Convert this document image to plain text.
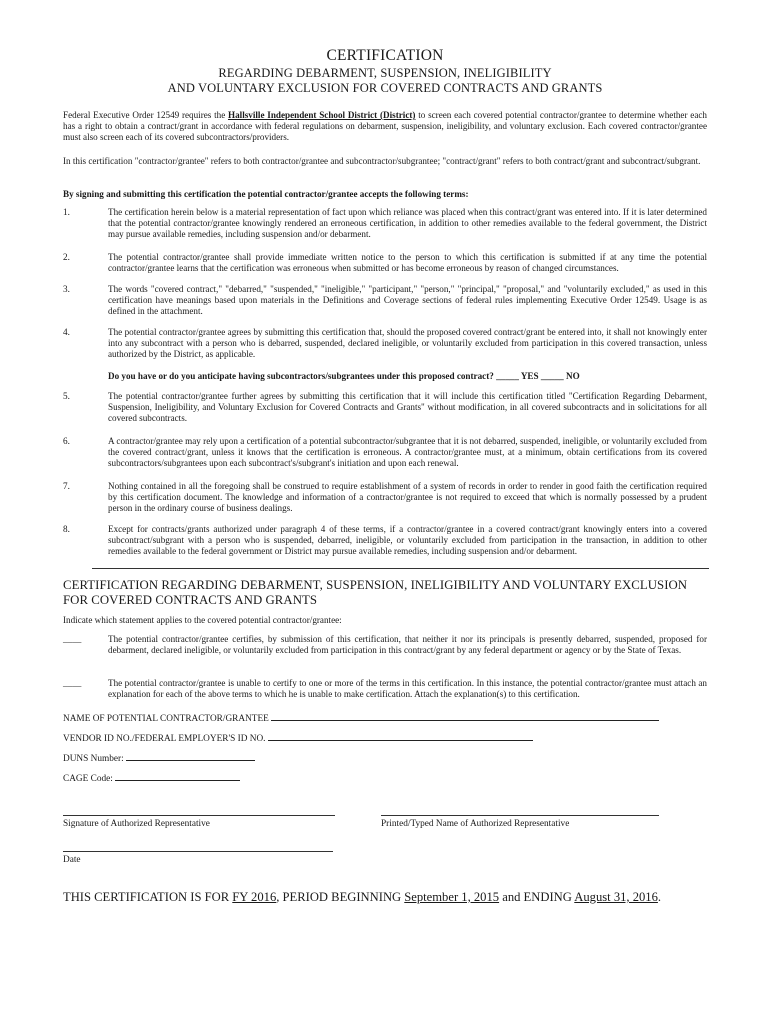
CERTIFICATION
REGARDING DEBARMENT, SUSPENSION, INELIGIBILITY
AND VOLUNTARY EXCLUSION FOR COVERED CONTRACTS AND GRANTS
Federal Executive Order 12549 requires the Hallsville Independent School District (District) to screen each covered potential contractor/grantee to determine whether each has a right to obtain a contract/grant in accordance with federal regulations on debarment, suspension, ineligibility, and voluntary exclusion. Each covered contractor/grantee must also screen each of its covered subcontractors/providers.
In this certification "contractor/grantee" refers to both contractor/grantee and subcontractor/subgrantee; "contract/grant" refers to both contract/grant and subcontract/subgrant.
By signing and submitting this certification the potential contractor/grantee accepts the following terms:
1.	The certification herein below is a material representation of fact upon which reliance was placed when this contract/grant was entered into. If it is later determined that the potential contractor/grantee knowingly rendered an erroneous certification, in addition to other remedies available to the federal government, the District may pursue available remedies, including suspension and/or debarment.
2.	The potential contractor/grantee shall provide immediate written notice to the person to which this certification is submitted if at any time the potential contractor/grantee learns that the certification was erroneous when submitted or has become erroneous by reason of changed circumstances.
3.	The words "covered contract," "debarred," "suspended," "ineligible," "participant," "person," "principal," "proposal," and "voluntarily excluded," as used in this certification have meanings based upon materials in the Definitions and Coverage sections of federal rules implementing Executive Order 12549. Usage is as defined in the attachment.
4.	The potential contractor/grantee agrees by submitting this certification that, should the proposed covered contract/grant be entered into, it shall not knowingly enter into any subcontract with a person who is debarred, suspended, declared ineligible, or voluntarily excluded from participation in this covered transaction, unless authorized by the District, as applicable.
Do you have or do you anticipate having subcontractors/subgrantees under this proposed contract? _____ YES _____ NO
5.	The potential contractor/grantee further agrees by submitting this certification that it will include this certification titled "Certification Regarding Debarment, Suspension, Ineligibility, and Voluntary Exclusion for Covered Contracts and Grants" without modification, in all covered subcontracts and in solicitations for all covered subcontracts.
6.	A contractor/grantee may rely upon a certification of a potential subcontractor/subgrantee that it is not debarred, suspended, ineligible, or voluntarily excluded from the covered contract/grant, unless it knows that the certification is erroneous. A contractor/grantee must, at a minimum, obtain certifications from its covered subcontractors/subgrantees upon each subcontract's/subgrant's initiation and upon each renewal.
7.	Nothing contained in all the foregoing shall be construed to require establishment of a system of records in order to render in good faith the certification required by this certification document. The knowledge and information of a contractor/grantee is not required to exceed that which is normally possessed by a prudent person in the ordinary course of business dealings.
8.	Except for contracts/grants authorized under paragraph 4 of these terms, if a contractor/grantee in a covered contract/grant knowingly enters into a covered subcontract/subgrant with a person who is suspended, debarred, ineligible, or voluntarily excluded from participation in the transaction, in addition to other remedies available to the federal government or District may pursue available remedies, including suspension and/or debarment.
CERTIFICATION REGARDING DEBARMENT, SUSPENSION, INELIGIBILITY AND VOLUNTARY EXCLUSION FOR COVERED CONTRACTS AND GRANTS
Indicate which statement applies to the covered potential contractor/grantee:
____	The potential contractor/grantee certifies, by submission of this certification, that neither it nor its principals is presently debarred, suspended, proposed for debarment, declared ineligible, or voluntarily excluded from participation in this contract/grant by any federal department or agency or by the State of Texas.
____	The potential contractor/grantee is unable to certify to one or more of the terms in this certification. In this instance, the potential contractor/grantee must attach an explanation for each of the above terms to which he is unable to make certification. Attach the explanation(s) to this certification.
NAME OF POTENTIAL CONTRACTOR/GRANTEE
VENDOR ID NO./FEDERAL EMPLOYER'S ID NO.
DUNS Number:
CAGE Code:
Signature of Authorized Representative	Printed/Typed Name of Authorized Representative
Date
THIS CERTIFICATION IS FOR FY 2016, PERIOD BEGINNING September 1, 2015 and ENDING August 31, 2016.
